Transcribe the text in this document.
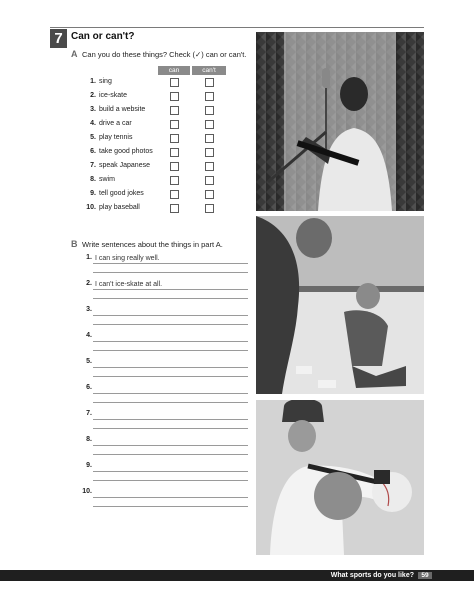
7 Can or can't?
A Can you do these things? Check (✓) can or can't.
can	can't
1. sing
2. ice-skate
3. build a website
4. drive a car
5. play tennis
6. take good photos
7. speak Japanese
8. swim
9. tell good jokes
10. play baseball
B Write sentences about the things in part A.
1. I can sing really well.
2. I can't ice-skate at all.
3.
4.
5.
6.
7.
8.
9.
10.
What sports do you like?	59
